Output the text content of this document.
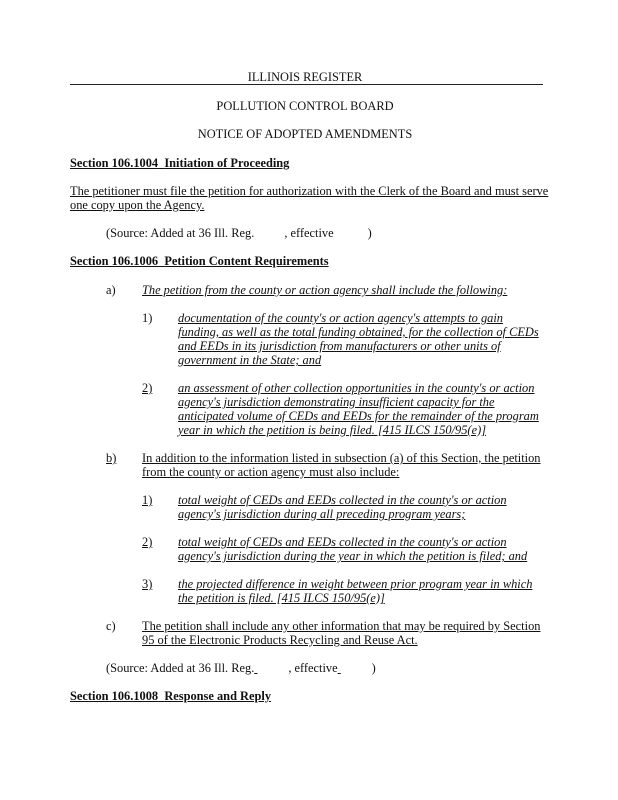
ILLINOIS REGISTER
POLLUTION CONTROL BOARD
NOTICE OF ADOPTED AMENDMENTS
Section 106.1004 Initiation of Proceeding
The petitioner must file the petition for authorization with the Clerk of the Board and must serve
one copy upon the Agency.
(Source: Added at 36 Ill. Reg. , effective	)
Section 106.1006 Petition Content Requirements
a) The petition from the county or action agency shall include the following:
1) documentation of the county's or action agency's attempts to gain
funding, as well as the total funding obtained, for the collection of CEDs
and EEDs in its jurisdiction from manufacturers or other units of
government in the State; and
2) an assessment of other collection opportunities in the county's or action
agency's jurisdiction demonstrating insufficient capacity for the
anticipated volume of CEDs and EEDs for the remainder of the program
year in which the petition is being filed. [415 ILCS 150/95(e)]
b) In addition to the information listed in subsection (a) of this Section, the petition
from the county or action agency must also include:
1) total weight of CEDs and EEDs collected in the county's or action
agency's jurisdiction during all preceding program years;
2) total weight of CEDs and EEDs collected in the county's or action
agency's jurisdiction during the year in which the petition is filed; and
3) the projected difference in weight between prior program year in which
the petition is filed. [415 ILCS 150/95(e)]
c) The petition shall include any other information that may be required by Section
95 of the Electronic Products Recycling and Reuse Act.
(Source: Added at 36 Ill. Reg.	, effective	)
Section 106.1008 Response and Reply
